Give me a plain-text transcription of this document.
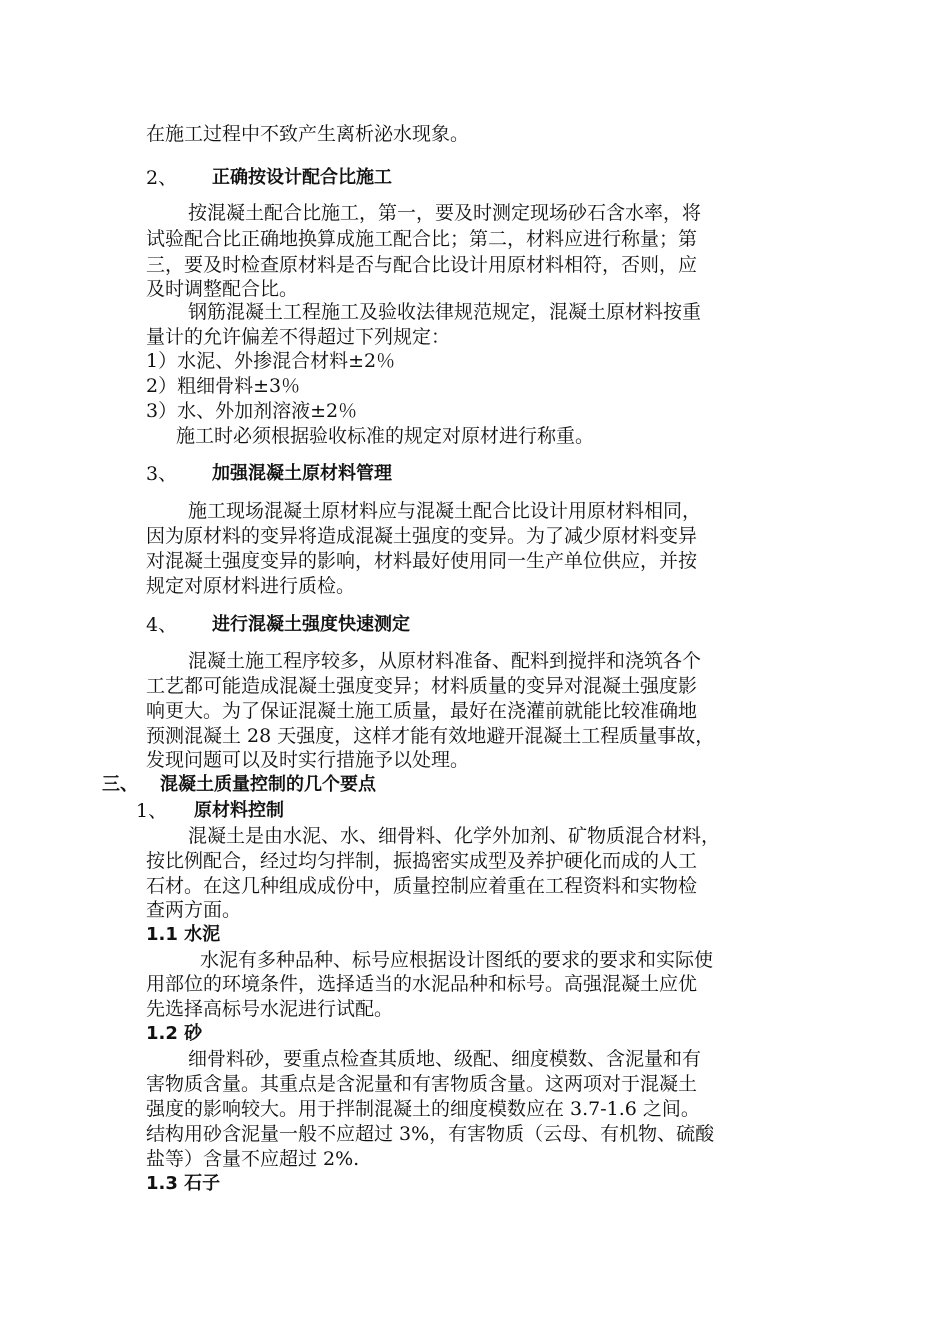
在施工过程中不致产生离析泌水现象。
2、 正确按设计配合比施工
按混凝土配合比施工，第一，要及时测定现场砂石含水率，将
试验配合比正确地换算成施工配合比；第二，材料应进行称量；第
三，要及时检查原材料是否与配合比设计用原材料相符，否则，应
及时调整配合比。
钢筋混凝土工程施工及验收法律规范规定，混凝土原材料按重
量计的允许偏差不得超过下列规定：
1）水泥、外掺混合材料±2％
2）粗细骨料±3％
3）水、外加剂溶液±2％
施工时必须根据验收标准的规定对原材进行称重。
3、 加强混凝土原材料管理
施工现场混凝土原材料应与混凝土配合比设计用原材料相同，
因为原材料的变异将造成混凝土强度的变异。为了减少原材料变异
对混凝土强度变异的影响，材料最好使用同一生产单位供应，并按
规定对原材料进行质检。
4、 进行混凝土强度快速测定
混凝土施工程序较多，从原材料准备、配料到搅拌和浇筑各个
工艺都可能造成混凝土强度变异；材料质量的变异对混凝土强度影
响更大。为了保证混凝土施工质量，最好在浇灌前就能比较准确地
预测混凝土 28 天强度，这样才能有效地避开混凝土工程质量事故，
发现问题可以及时实行措施予以处理。
三、 混凝土质量控制的几个要点
1、 原材料控制
混凝土是由水泥、水、细骨料、化学外加剂、矿物质混合材料，
按比例配合，经过均匀拌制，振捣密实成型及养护硬化而成的人工
石材。在这几种组成成份中，质量控制应着重在工程资料和实物检
查两方面。
1.1 水泥
水泥有多种品种、标号应根据设计图纸的要求的要求和实际使
用部位的环境条件，选择适当的水泥品种和标号。高强混凝土应优
先选择高标号水泥进行试配。
1.2 砂
细骨料砂，要重点检查其质地、级配、细度模数、含泥量和有
害物质含量。其重点是含泥量和有害物质含量。这两项对于混凝土
强度的影响较大。用于拌制混凝土的细度模数应在 3.7-1.6 之间。
结构用砂含泥量一般不应超过 3%，有害物质（云母、有机物、硫酸
盐等）含量不应超过 2%.
1.3 石子
